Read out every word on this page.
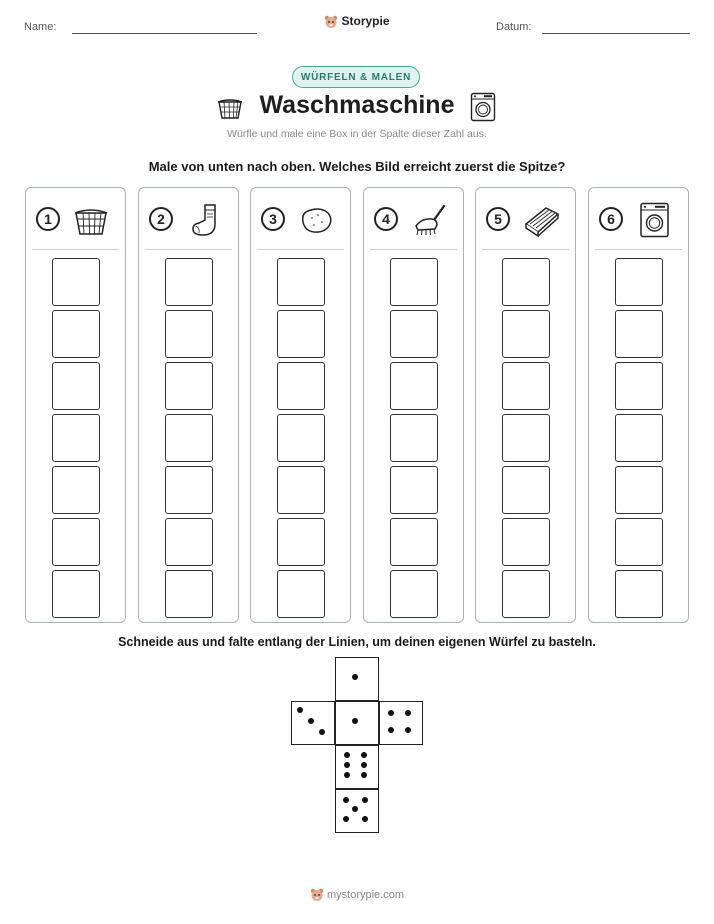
Name:	Datum:
Storypie
WÜRFELN & MALEN
Waschmaschine
Würfle und male eine Box in der Spalte dieser Zahl aus.
Male von unten nach oben. Welches Bild erreicht zuerst die Spitze?
1	2	3	4	5	6
Schneide aus und falte entlang der Linien, um deinen eigenen Würfel zu basteln.
mystorypie.com
